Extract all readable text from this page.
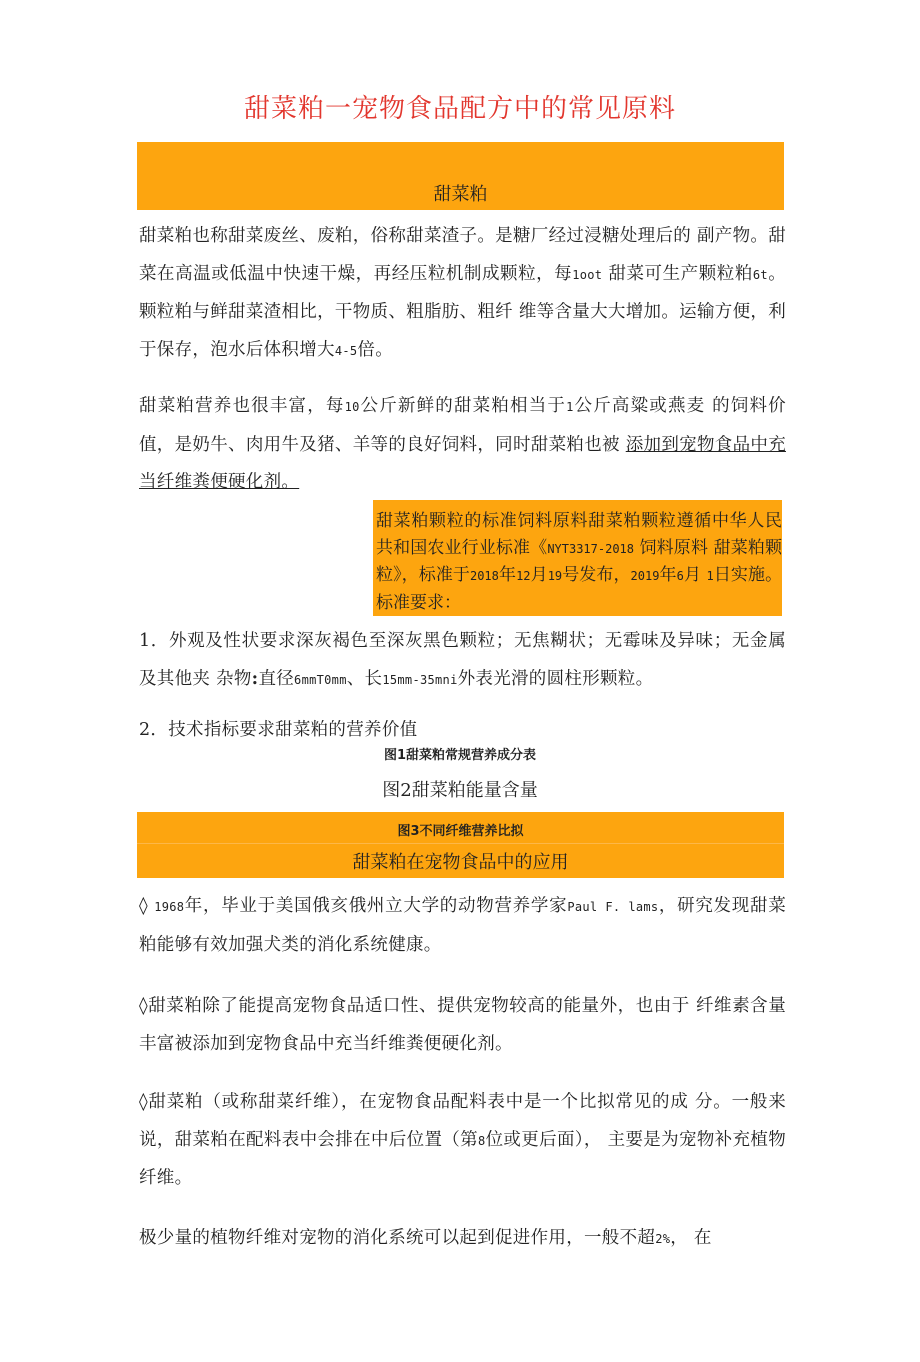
甜菜粕一宠物食品配方中的常见原料
甜菜粕
甜菜粕也称甜菜废丝、废粕，俗称甜菜渣子。是糖厂经过浸糖处理后的 副产物。甜菜在高温或低温中快速干燥，再经压粒机制成颗粒，每1oot 甜菜可生产颗粒粕6t。颗粒粕与鲜甜菜渣相比，干物质、粗脂肪、粗纤 维等含量大大增加。运输方便，利于保存，泡水后体积增大4-5倍。
甜菜粕营养也很丰富，每10公斤新鲜的甜菜粕相当于1公斤高粱或燕麦 的饲料价值，是奶牛、肉用牛及猪、羊等的良好饲料，同时甜菜粕也被 添加到宠物食品中充当纤维粪便硬化剂。
甜菜粕颗粒的标准饲料原料甜菜粕颗粒遵循中华人民共和国农业行业标准《NYT3317-2018 饲料原料 甜菜粕颗粒》，标准于2018年12月19号发布，2019年6月 1日实施。标准要求：
1．外观及性状要求深灰褐色至深灰黑色颗粒；无焦糊状；无霉味及异味；无金属及其他夹 杂物:直径6mmT0mm、长15mm-35mni外表光滑的圆柱形颗粒。
2．技术指标要求甜菜粕的营养价值
图1甜菜粕常规营养成分表
图2甜菜粕能量含量
图3不同纤维营养比拟
甜菜粕在宠物食品中的应用
◊ 1968年，毕业于美国俄亥俄州立大学的动物营养学家Paul F. lams，研究发现甜菜粕能够有效加强犬类的消化系统健康。
◊甜菜粕除了能提高宠物食品适口性、提供宠物较高的能量外，也由于 纤维素含量丰富被添加到宠物食品中充当纤维粪便硬化剂。
◊甜菜粕（或称甜菜纤维），在宠物食品配料表中是一个比拟常见的成 分。一般来说，甜菜粕在配料表中会排在中后位置（第8位或更后面）， 主要是为宠物补充植物纤维。
极少量的植物纤维对宠物的消化系统可以起到促进作用，一般不超2%， 在
